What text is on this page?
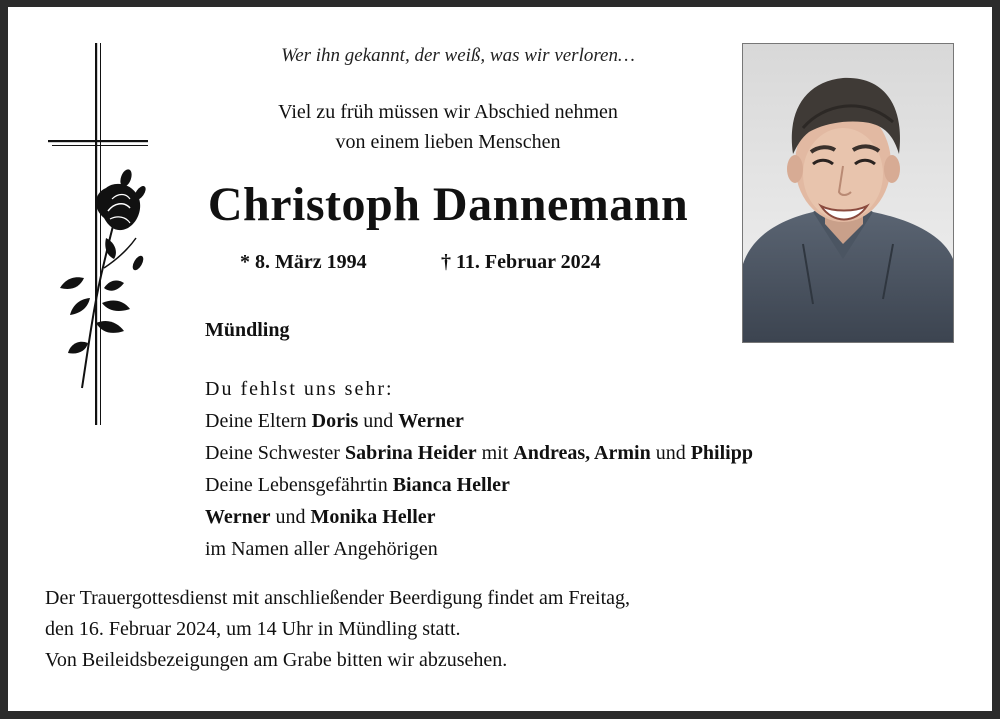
Wer ihn gekannt, der weiß, was wir verloren…
Viel zu früh müssen wir Abschied nehmen
von einem lieben Menschen
Christoph Dannemann
* 8. März 1994	† 11. Februar 2024
Mündling
Du fehlst uns sehr:
Deine Eltern Doris und Werner
Deine Schwester Sabrina Heider mit Andreas, Armin und Philipp
Deine Lebensgefährtin Bianca Heller
Werner und Monika Heller
im Namen aller Angehörigen
Der Trauergottesdienst mit anschließender Beerdigung findet am Freitag,
den 16. Februar 2024, um 14 Uhr in Mündling statt.
Von Beileidsbezeigungen am Grabe bitten wir abzusehen.
